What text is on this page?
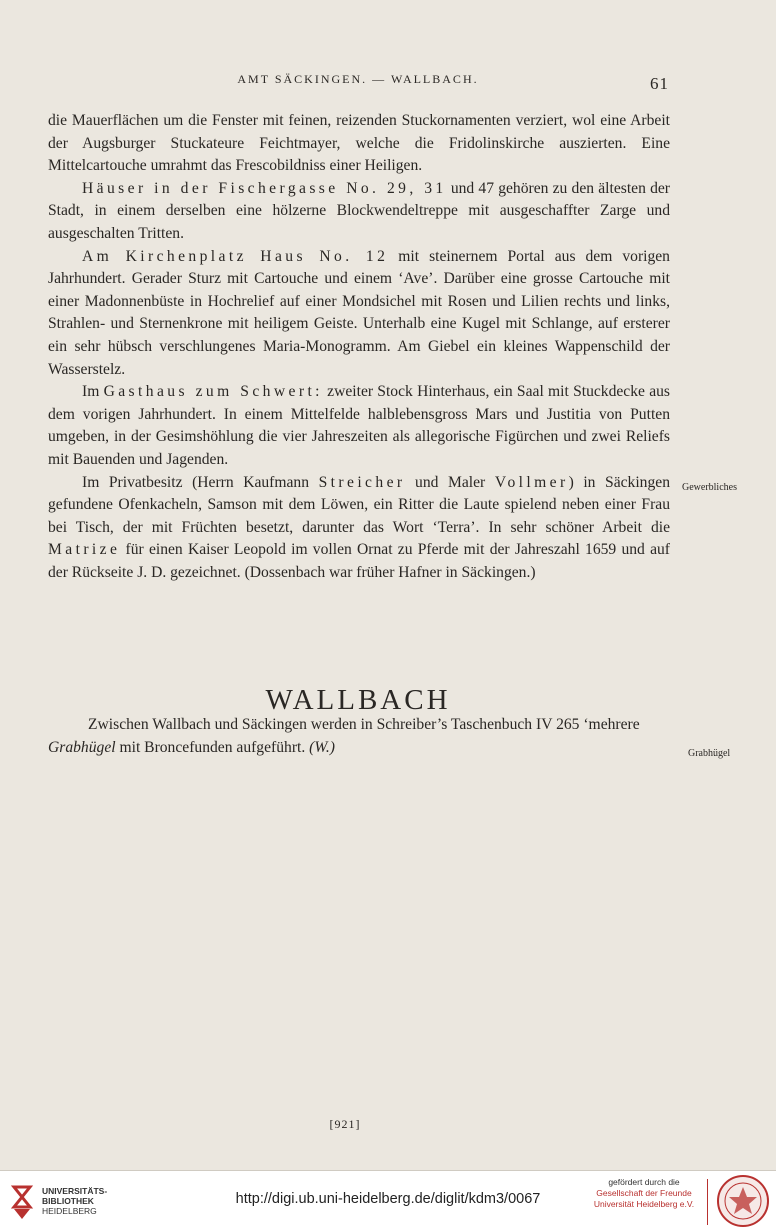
AMT SÄCKINGEN. — WALLBACH.	61

die Mauerflächen um die Fenster mit feinen, reizenden Stuckornamenten verziert, wol eine Arbeit der Augsburger Stuckateure Feichtmayer, welche die Fridolinskirche auszierten. Eine Mittelcartouche umrahmt das Frescobildniss einer Heiligen.

Häuser in der Fischergasse No. 29, 31 und 47 gehören zu den ältesten der Stadt, in einem derselben eine hölzerne Blockwendeltreppe mit ausgeschaffter Zarge und ausgeschalten Tritten.

Am Kirchenplatz Haus No. 12 mit steinernem Portal aus dem vorigen Jahrhundert. Gerader Sturz mit Cartouche und einem ‘Ave’. Darüber eine grosse Cartouche mit einer Madonnenbüste in Hochrelief auf einer Mondsichel mit Rosen und Lilien rechts und links, Strahlen- und Sternenkrone mit heiligem Geiste. Unterhalb eine Kugel mit Schlange, auf ersterer ein sehr hübsch verschlungenes Maria-Monogramm. Am Giebel ein kleines Wappenschild der Wasserstelz.

Im Gasthaus zum Schwert: zweiter Stock Hinterhaus, ein Saal mit Stuckdecke aus dem vorigen Jahrhundert. In einem Mittelfelde halblebensgross Mars und Justitia von Putten umgeben, in der Gesimshöhlung die vier Jahreszeiten als allegorische Figürchen und zwei Reliefs mit Bauenden und Jagenden.

Im Privatbesitz (Herrn Kaufmann Streicher und Maler Vollmer) in Säckingen gefundene Ofenkacheln, Samson mit dem Löwen, ein Ritter die Laute spielend neben einer Frau bei Tisch, der mit Früchten besetzt, darunter das Wort ‘Terra’. In sehr schöner Arbeit die Matrize für einen Kaiser Leopold im vollen Ornat zu Pferde mit der Jahreszahl 1659 und auf der Rückseite J. D. gezeichnet. (Dossenbach war früher Hafner in Säckingen.)

Gewerbliches
WALLBACH

Zwischen Wallbach und Säckingen werden in Schreiber’s Taschenbuch IV 265 ‘mehrere Grabhügel mit Broncefunden aufgeführt. (W.)	Grabhügel
[921]
UNIVERSITÄTS-
BIBLIOTHEK
HEIDELBERG
http://digi.ub.uni-heidelberg.de/diglit/kdm3/0067
gefördert durch die
Gesellschaft der Freunde
Universität Heidelberg e.V.
